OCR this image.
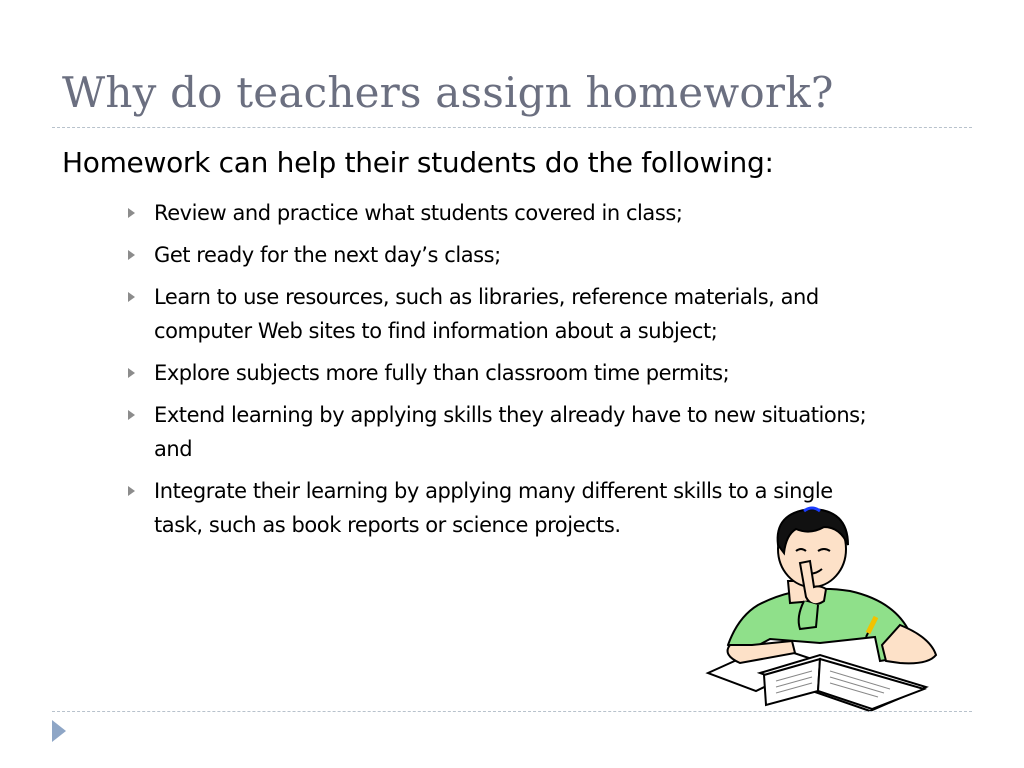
Why do teachers assign homework?

Homework can help their students do the following:

Review and practice what students covered in class;
Get ready for the next day’s class;
Learn to use resources, such as libraries, reference materials, and
computer Web sites to find information about a subject;
Explore subjects more fully than classroom time permits;
Extend learning by applying skills they already have to new situations;
and
Integrate their learning by applying many different skills to a single
task, such as book reports or science projects.
